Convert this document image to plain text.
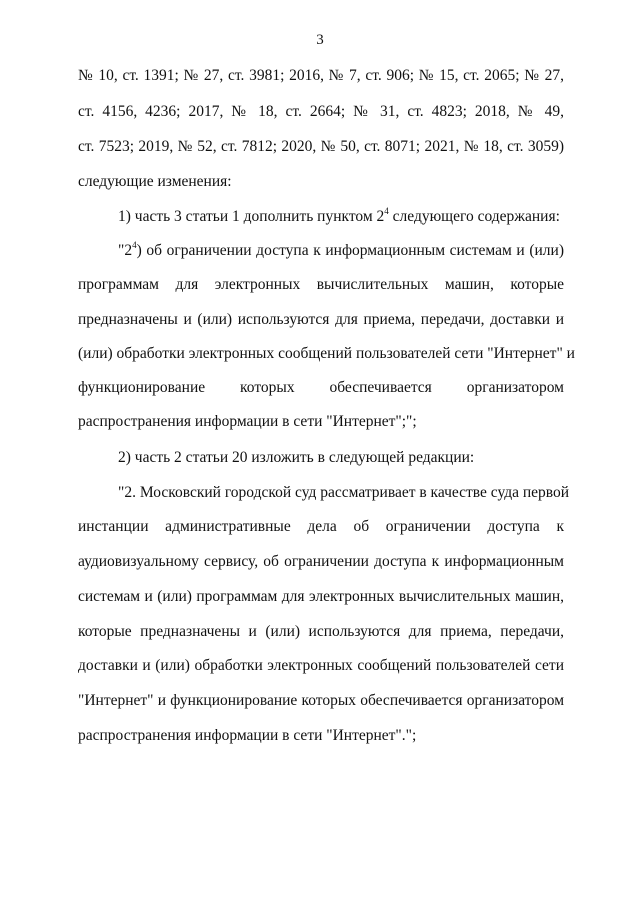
3
№ 10, ст. 1391; № 27, ст. 3981; 2016, № 7, ст. 906; № 15, ст. 2065; № 27,
ст. 4156, 4236; 2017, № 18, ст. 2664; № 31, ст. 4823; 2018, № 49,
ст. 7523; 2019, № 52, ст. 7812; 2020, № 50, ст. 8071; 2021, № 18, ст. 3059)
следующие изменения:
1) часть 3 статьи 1 дополнить пунктом $2^4$ следующего содержания:
"$2^4$) об ограничении доступа к информационным системам и (или)
программам для электронных вычислительных машин, которые
предназначены и (или) используются для приема, передачи, доставки и
(или) обработки электронных сообщений пользователей сети "Интернет" и
функционирование которых обеспечивается организатором
распространения информации в сети "Интернет";";
2) часть 2 статьи 20 изложить в следующей редакции:
"2. Московский городской суд рассматривает в качестве суда первой
инстанции административные дела об ограничении доступа к
аудиовизуальному сервису, об ограничении доступа к информационным
системам и (или) программам для электронных вычислительных машин,
которые предназначены и (или) используются для приема, передачи,
доставки и (или) обработки электронных сообщений пользователей сети
"Интернет" и функционирование которых обеспечивается организатором
распространения информации в сети "Интернет".";
